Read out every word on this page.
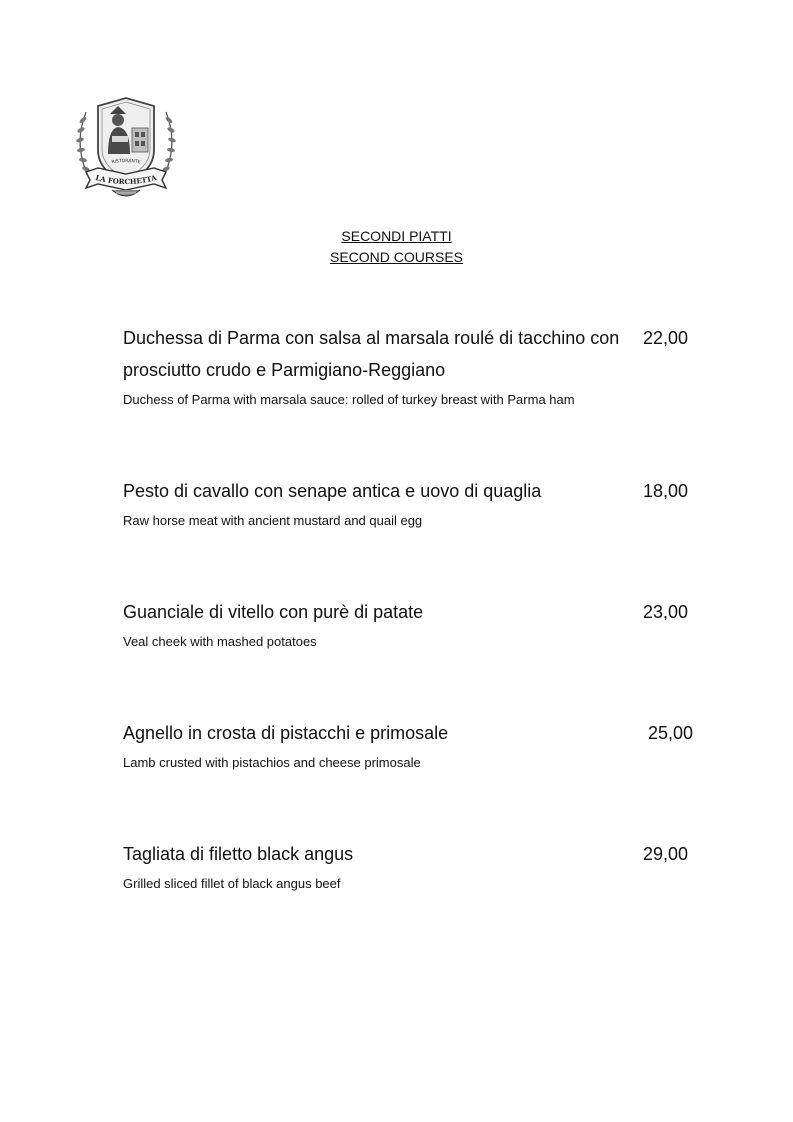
RISTORANTE
LA FORCHETTA
SECONDI PIATTI
SECOND COURSES
Duchessa di Parma con salsa al marsala roulé di tacchino con prosciutto crudo e Parmigiano-Reggiano
22,00
Duchess of Parma with marsala sauce: rolled of turkey breast with Parma ham
Pesto di cavallo con senape antica e uovo di quaglia	18,00
Raw horse meat with ancient mustard and quail egg
Guanciale di vitello con purè di patate	23,00
Veal cheek with mashed potatoes
Agnello in crosta di pistacchi e primosale	25,00
Lamb crusted with pistachios and cheese primosale
Tagliata di filetto black angus	29,00
Grilled sliced fillet of black angus beef
